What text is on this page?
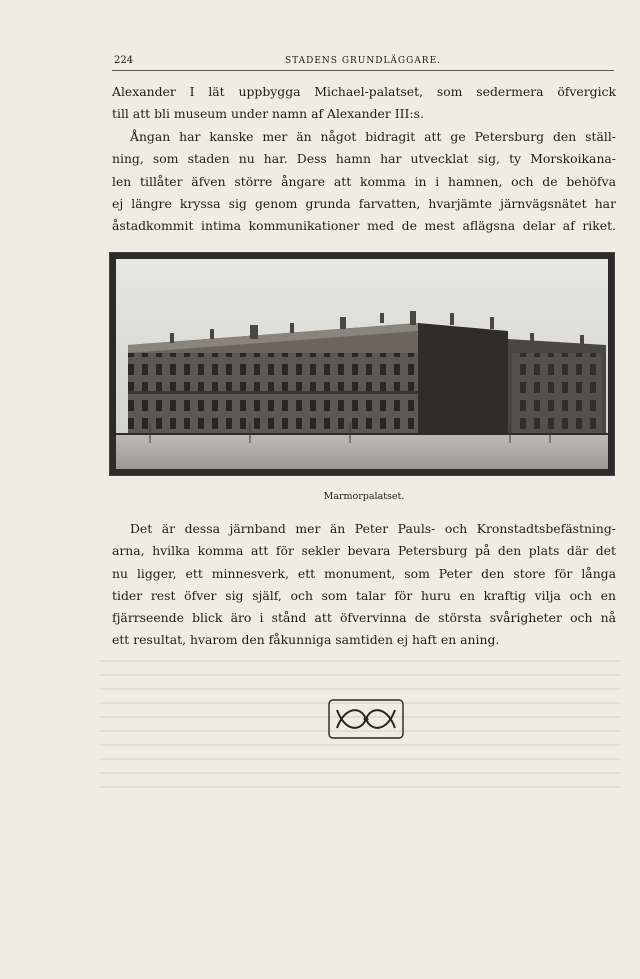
224	STADENS GRUNDLÄGGARE.
Alexander I lät uppbygga Michael-palatset, som sedermera öfvergick
till att bli museum under namn af Alexander III:s.
Ångan har kanske mer än något bidragit att ge Petersburg den ställ-
ning, som staden nu har. Dess hamn har utvecklat sig, ty Morskoikana-
len tillåter äfven större ångare att komma in i hamnen, och de behöfva
ej längre kryssa sig genom grunda farvatten, hvarjämte järnvägsnätet har
åstadkommit intima kommunikationer med de mest aflägsna delar af riket.
Marmorpalatset.
Det är dessa järnband mer än Peter Pauls- och Kronstadtsbefästning-
arna, hvilka komma att för sekler bevara Petersburg på den plats där det
nu ligger, ett minnesverk, ett monument, som Peter den store för långa
tider rest öfver sig själf, och som talar för huru en kraftig vilja och en
fjärrseende blick äro i stånd att öfvervinna de största svårigheter och nå
ett resultat, hvarom den fåkunniga samtiden ej haft en aning.
